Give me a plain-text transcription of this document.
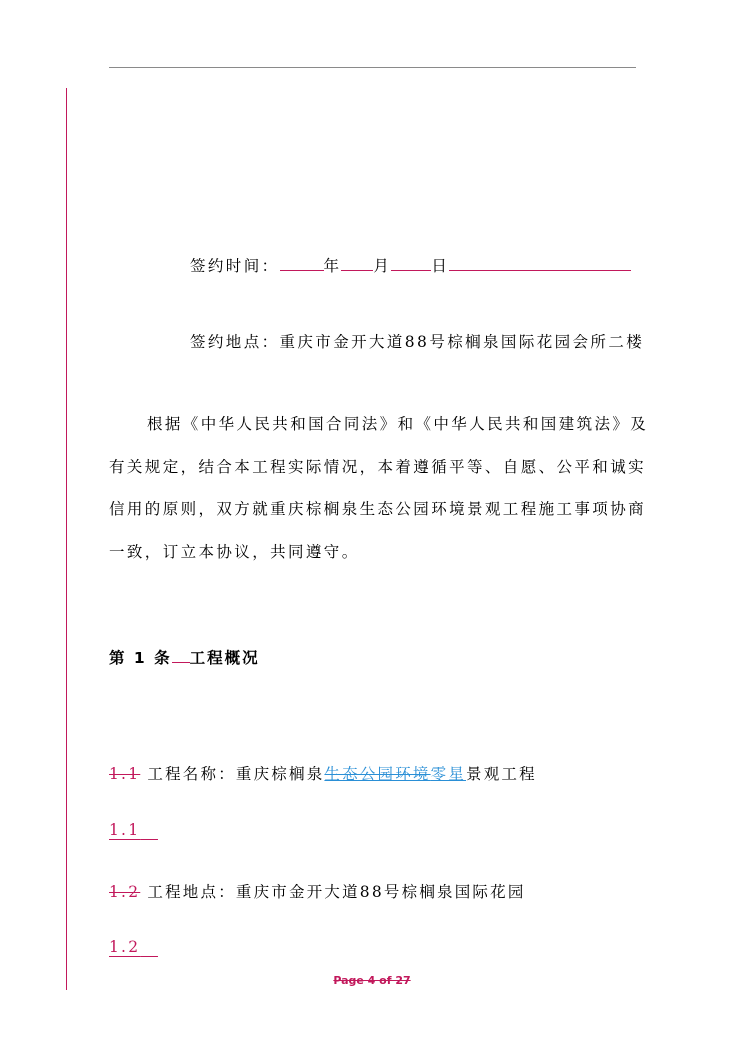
签约时间：	年 月	日
签约地点：重庆市金开大道88号棕榈泉国际花园会所二楼

根据《中华人民共和国合同法》和《中华人民共和国建筑法》及

有关规定，结合本工程实际情况，本着遵循平等、自愿、公平和诚实

信用的原则，双方就重庆棕榈泉生态公园环境景观工程施工事项协商

一致，订立本协议，共同遵守。

第 1 条 工程概况
1.1 工程名称：重庆棕榈泉生态公园环境零星景观工程
1.1 
1.2 工程地点：重庆市金开大道88号棕榈泉国际花园
1.2 
Page 4 of 27
